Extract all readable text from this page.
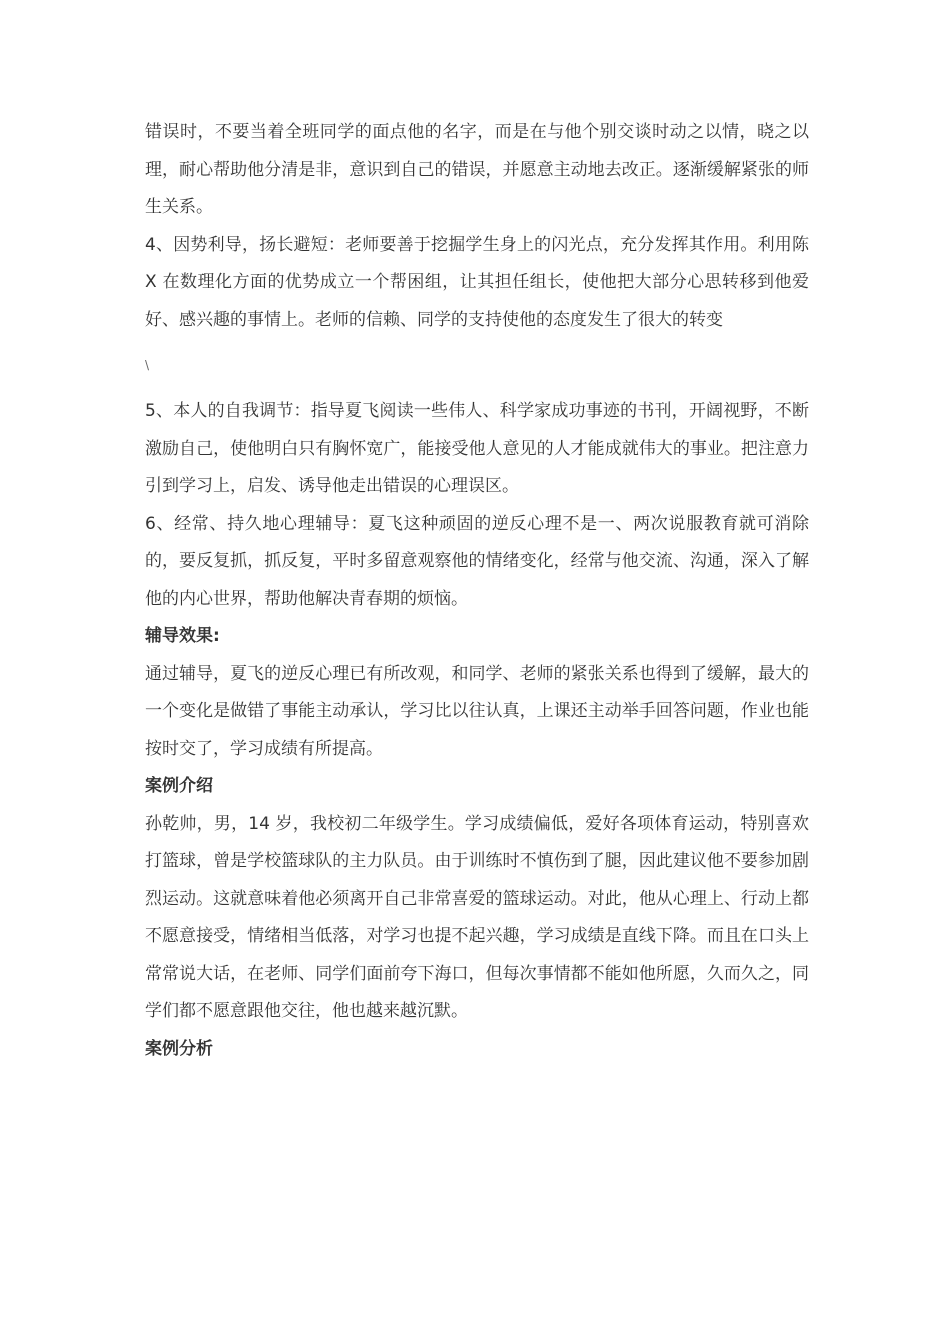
错误时，不要当着全班同学的面点他的名字，而是在与他个别交谈时动之以情，晓之以理，耐心帮助他分清是非，意识到自己的错误，并愿意主动地去改正。逐渐缓解紧张的师生关系。

4、因势利导，扬长避短：老师要善于挖掘学生身上的闪光点，充分发挥其作用。利用陈 X 在数理化方面的优势成立一个帮困组，让其担任组长，使他把大部分心思转移到他爱好、感兴趣的事情上。老师的信赖、同学的支持使他的态度发生了很大的转变

\

5、本人的自我调节：指导夏飞阅读一些伟人、科学家成功事迹的书刊，开阔视野，不断激励自己，使他明白只有胸怀宽广，能接受他人意见的人才能成就伟大的事业。把注意力引到学习上，启发、诱导他走出错误的心理误区。

6、经常、持久地心理辅导：夏飞这种顽固的逆反心理不是一、两次说服教育就可消除的，要反复抓，抓反复，平时多留意观察他的情绪变化，经常与他交流、沟通，深入了解他的内心世界，帮助他解决青春期的烦恼。

辅导效果:

通过辅导，夏飞的逆反心理已有所改观，和同学、老师的紧张关系也得到了缓解，最大的一个变化是做错了事能主动承认，学习比以往认真，上课还主动举手回答问题，作业也能按时交了，学习成绩有所提高。

案例介绍

孙乾帅，男，14 岁，我校初二年级学生。学习成绩偏低，爱好各项体育运动，特别喜欢打篮球，曾是学校篮球队的主力队员。由于训练时不慎伤到了腿，因此建议他不要参加剧烈运动。这就意味着他必须离开自己非常喜爱的篮球运动。对此，他从心理上、行动上都不愿意接受，情绪相当低落，对学习也提不起兴趣，学习成绩是直线下降。而且在口头上常常说大话，在老师、同学们面前夸下海口，但每次事情都不能如他所愿，久而久之，同学们都不愿意跟他交往，他也越来越沉默。

案例分析
